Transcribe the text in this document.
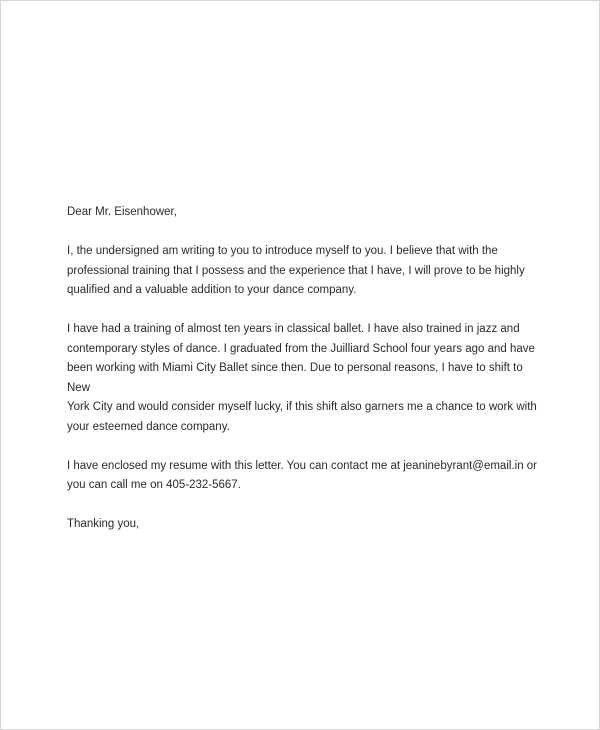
Dear Mr. Eisenhower,

I, the undersigned am writing to you to introduce myself to you. I believe that with the
professional training that I possess and the experience that I have, I will prove to be highly
qualified and a valuable addition to your dance company.

I have had a training of almost ten years in classical ballet. I have also trained in jazz and
contemporary styles of dance. I graduated from the Juilliard School four years ago and have
been working with Miami City Ballet since then. Due to personal reasons, I have to shift to New
York City and would consider myself lucky, if this shift also garners me a chance to work with
your esteemed dance company.

I have enclosed my resume with this letter. You can contact me at jeaninebyrant@email.in or
you can call me on 405-232-5667.

Thanking you,
